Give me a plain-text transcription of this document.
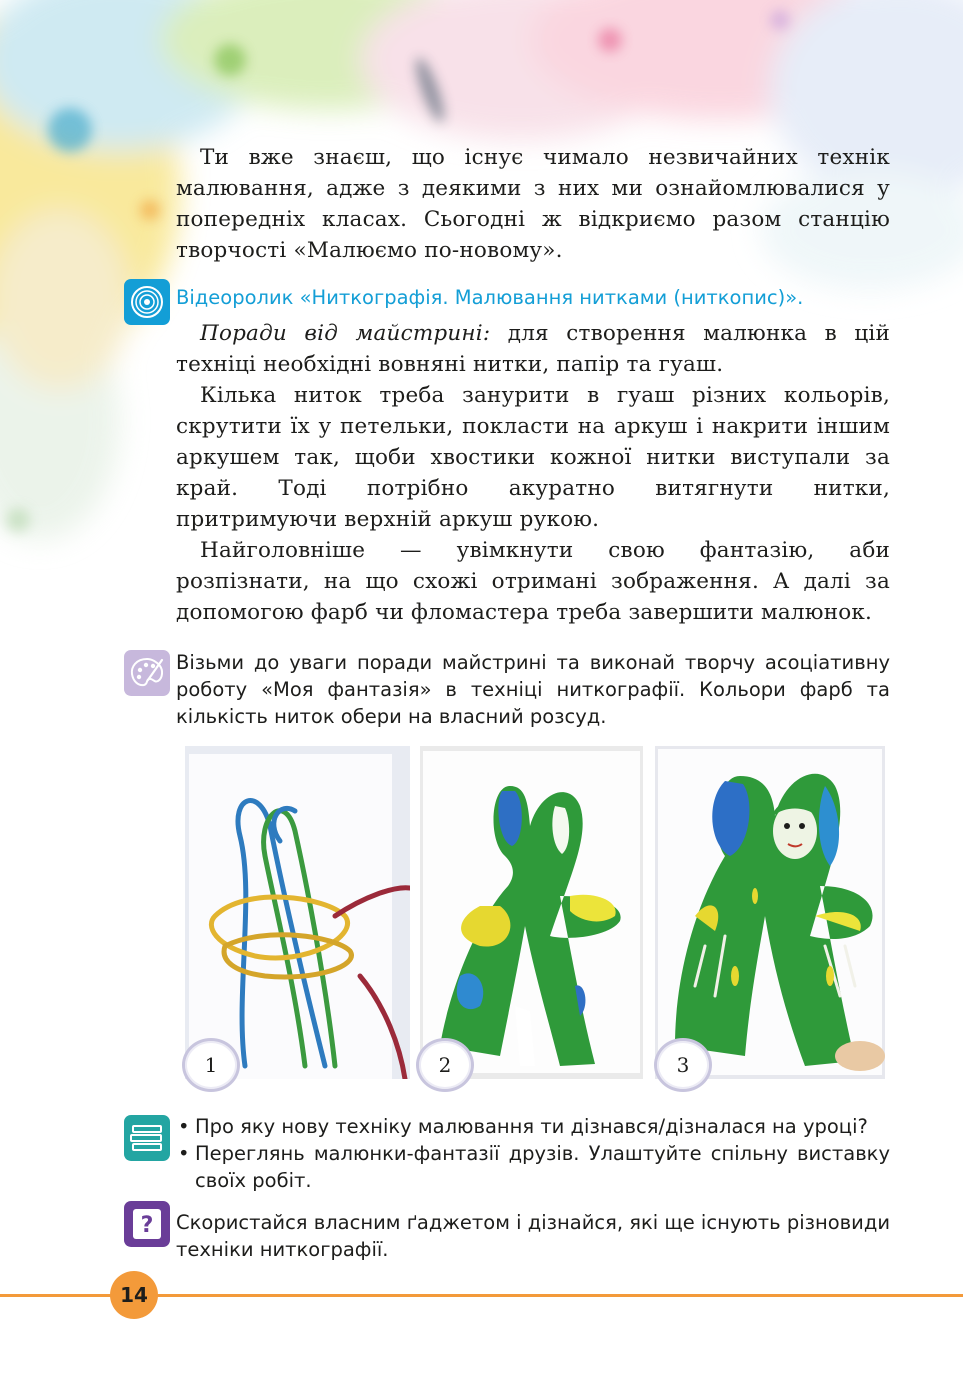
Ти вже знаєш, що існує чимало незвичайних технік малювання, адже з деякими з них ми ознайомлювалися у попередніх класах. Сьогодні ж відкриємо разом станцію творчості «Малюємо по-новому».

Відеоролик «Ниткографія. Малювання нитками (ниткопис)».

Поради від майстрині: для створення малюнка в цій техніці необхідні вовняні нитки, папір та гуаш.

Кілька ниток треба занурити в гуаш різних кольорів, скрутити їх у петельки, покласти на аркуш і накрити іншим аркушем так, щоби хвостики кожної нитки виступали за край. Тоді потрібно акуратно витягнути нитки, притримуючи верхній аркуш рукою.

Найголовніше — увімкнути свою фантазію, аби розпізнати, на що схожі отримані зображення. А далі за допомогою фарб чи фломастера треба завершити малюнок.

Візьми до уваги поради майстрині та виконай творчу асоціативну роботу «Моя фантазія» в техніці ниткографії. Кольори фарб та кількість ниток обери на власний розсуд.
1	2	3
• Про яку нову техніку малювання ти дізнався/дізналася на уроці?
• Переглянь малюнки-фантазії друзів. Улаштуйте спільну виставку своїх робіт.
? Скористайся власним ґаджетом і дізнайся, які ще існують різновиди техніки ниткографії.
14
